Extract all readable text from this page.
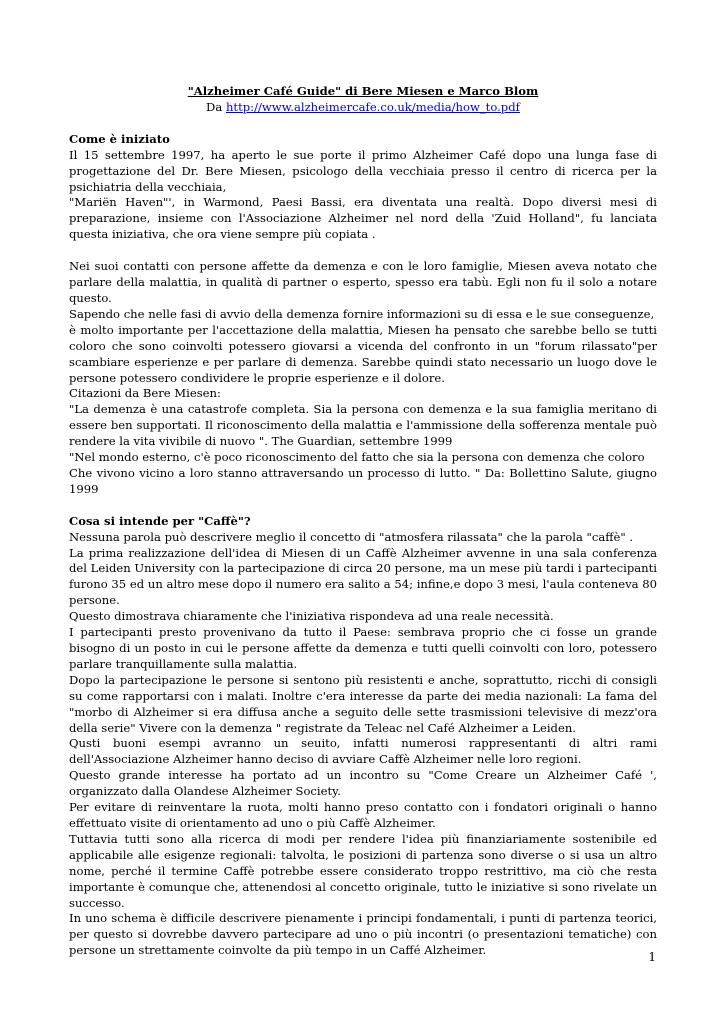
"Alzheimer Café Guide" di Bere Miesen e Marco Blom
Da http://www.alzheimercafe.co.uk/media/how_to.pdf
Come è iniziato

Il 15 settembre 1997, ha aperto le sue porte il primo Alzheimer Café dopo una lunga fase di progettazione del Dr. Bere Miesen, psicologo della vecchiaia presso il centro di ricerca per la psichiatria della vecchiaia,

"Mariën Haven"', in Warmond, Paesi Bassi, era diventata una realtà. Dopo diversi mesi di preparazione, insieme con l'Associazione Alzheimer nel nord della 'Zuid Holland", fu lanciata questa iniziativa, che ora viene sempre più copiata .

Nei suoi contatti con persone affette da demenza e con le loro famiglie, Miesen aveva notato che parlare della malattia, in qualità di partner o esperto, spesso era tabù. Egli non fu il solo a notare questo.

Sapendo che nelle fasi di avvio della demenza fornire informazioni su di essa e le sue conseguenze,

è molto importante per l'accettazione della malattia, Miesen ha pensato che sarebbe bello se tutti coloro che sono coinvolti potessero giovarsi a vicenda del confronto in un "forum rilassato"per scambiare esperienze e per parlare di demenza. Sarebbe quindi stato necessario un luogo dove le persone potessero condividere le proprie esperienze e il dolore.

Citazioni da Bere Miesen:

"La demenza è una catastrofe completa. Sia la persona con demenza e la sua famiglia meritano di essere ben supportati. Il riconoscimento della malattia e l'ammissione della sofferenza mentale può rendere la vita vivibile di nuovo ". The Guardian, settembre 1999

"Nel mondo esterno, c'è poco riconoscimento del fatto che sia la persona con demenza che coloro

Che vivono vicino a loro stanno attraversando un processo di lutto. " Da: Bollettino Salute, giugno 1999

Cosa si intende per "Caffè"?

Nessuna parola può descrivere meglio il concetto di "atmosfera rilassata" che la parola "caffè" .

La prima realizzazione dell'idea di Miesen di un Caffè Alzheimer avvenne in una sala conferenza del Leiden University con la partecipazione di circa 20 persone, ma un mese più tardi i partecipanti furono 35 ed un altro mese dopo il numero era salito a 54; infine,e dopo 3 mesi, l'aula conteneva 80 persone.

Questo dimostrava chiaramente che l'iniziativa rispondeva ad una reale necessità.

I partecipanti presto provenivano da tutto il Paese: sembrava proprio che ci fosse un grande bisogno di un posto in cui le persone affette da demenza e tutti quelli coinvolti con loro, potessero parlare tranquillamente sulla malattia.

Dopo la partecipazione le persone si sentono più resistenti e anche, soprattutto, ricchi di consigli su come rapportarsi con i malati. Inoltre c'era interesse da parte dei media nazionali: La fama del "morbo di Alzheimer si era diffusa anche a seguito delle sette trasmissioni televisive di mezz'ora della serie" Vivere con la demenza " registrate da Teleac nel Café Alzheimer a Leiden.

Qusti buoni esempi avranno un seuito, infatti numerosi rappresentanti di altri rami dell'Associazione Alzheimer hanno deciso di avviare Caffè Alzheimer nelle loro regioni.

Questo grande interesse ha portato ad un incontro su "Come Creare un Alzheimer Café ', organizzato dalla Olandese Alzheimer Society.

Per evitare di reinventare la ruota, molti hanno preso contatto con i fondatori originali o hanno effettuato visite di orientamento ad uno o più Caffè Alzheimer.

Tuttavia tutti sono alla ricerca di modi per rendere l'idea più finanziariamente sostenibile ed applicabile alle esigenze regionali: talvolta, le posizioni di partenza sono diverse o si usa un altro nome, perché il termine Caffè potrebbe essere considerato troppo restrittivo, ma ciò che resta importante è comunque che, attenendosi al concetto originale, tutto le iniziative si sono rivelate un successo.

In uno schema è difficile descrivere pienamente i principi fondamentali, i punti di partenza teorici, per questo si dovrebbe davvero partecipare ad uno o più incontri (o presentazioni tematiche) con persone un strettamente coinvolte da più tempo in un Caffé Alzheimer.	1
